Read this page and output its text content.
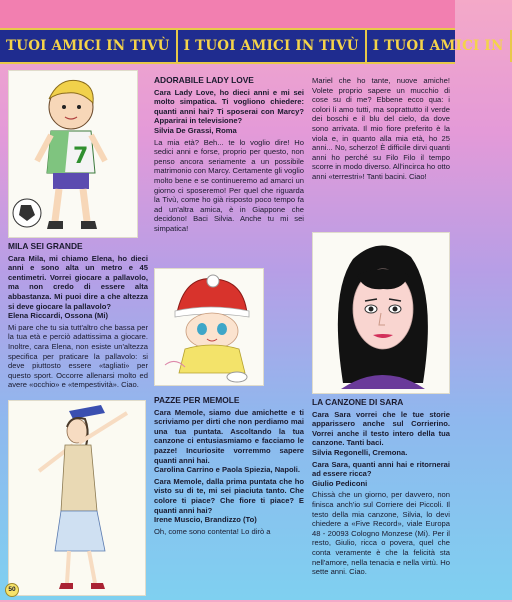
TUOI AMICI IN TIVÙ	I TUOI AMICI IN TIVÙ	I TUOI AMICI IN
7

MILA SEI GRANDE

Cara Mila, mi chiamo Elena, ho dieci anni e sono alta un metro e 45 centimetri. Vorrei giocare a pallavolo, ma non credo di essere alta abbastanza. Mi puoi dire a che altezza si deve giocare la pallavolo?

Elena Riccardi, Ossona (Mi)

Mi pare che tu sia tutt'altro che bassa per la tua età e perciò adattissima a giocare. Inoltre, cara Elena, non esiste un'altezza specifica per praticare la pallavolo: si deve piuttosto essere «tagliati» per questo sport. Occorre allenarsi molto ed avere «occhio» e «tempestività». Ciao.

ADORABILE LADY LOVE

Cara Lady Love, ho dieci anni e mi sei molto simpatica. Ti vogliono chiedere: quanti anni hai? Ti sposerai con Marcy? Apparirai in televisione?

Silvia De Grassi, Roma

La mia età? Beh... te lo voglio dire! Ho sedici anni e forse, proprio per questo, non penso ancora seriamente a un possibile matrimonio con Marcy. Certamente gli voglio molto bene e se continueremo ad amarci un giorno ci sposeremo! Per quel che riguarda la Tivù, come ho già risposto poco tempo fa ad un'altra amica, è in Giappone che decidono! Baci Silvia. Anche tu mi sei simpatica!

PAZZE PER MEMOLE

Cara Memole, siamo due amichette e ti scriviamo per dirti che non perdiamo mai una tua puntata. Ascoltando la tua canzone ci entusiasmiamo e facciamo le pazze! Incuriosite vorremmo sapere quanti anni hai.

Carolina Carrino e Paola Spiezia, Napoli.

Cara Memole, dalla prima puntata che ho visto su di te, mi sei piaciuta tanto. Che colore ti piace? Che fiore ti piace? E quanti anni hai?

Irene Muscio, Brandizzo (To)

Oh, come sono contenta! Lo dirò a

Mariel che ho tante, nuove amiche! Volete proprio sapere un mucchio di cose su di me? Ebbene ecco qua: i colori li amo tutti, ma soprattutto il verde dei boschi e il blu del cielo, da dove sono arrivata. Il mio fiore preferito è la viola e, in quanto alla mia età, ho 25 anni... No, scherzo! È difficile dirvi quanti anni ho perché su Filo Filo il tempo scorre in modo diverso. All'incirca ho otto anni «terrestri»! Tanti bacini. Ciao!

LA CANZONE DI SARA

Cara Sara vorrei che le tue storie apparissero anche sul Corrierino. Vorrei anche il testo intero della tua canzone. Tanti baci.

Silvia Regonelli, Cremona.

Cara Sara, quanti anni hai e ritornerai ad essere ricca?

Giulio Pediconi

Chissà che un giorno, per davvero, non finisca anch'io sul Corriere dei Piccoli. Il testo della mia canzone, Silvia, lo devi chiedere a «Five Record», viale Europa 48 - 20093 Cologno Monzese (Mi). Per il resto, Giulio, ricca o povera, quel che conta veramente è che la felicità sta nell'amore, nella tenacia e nella virtù. Ho sette anni. Ciao.

50
